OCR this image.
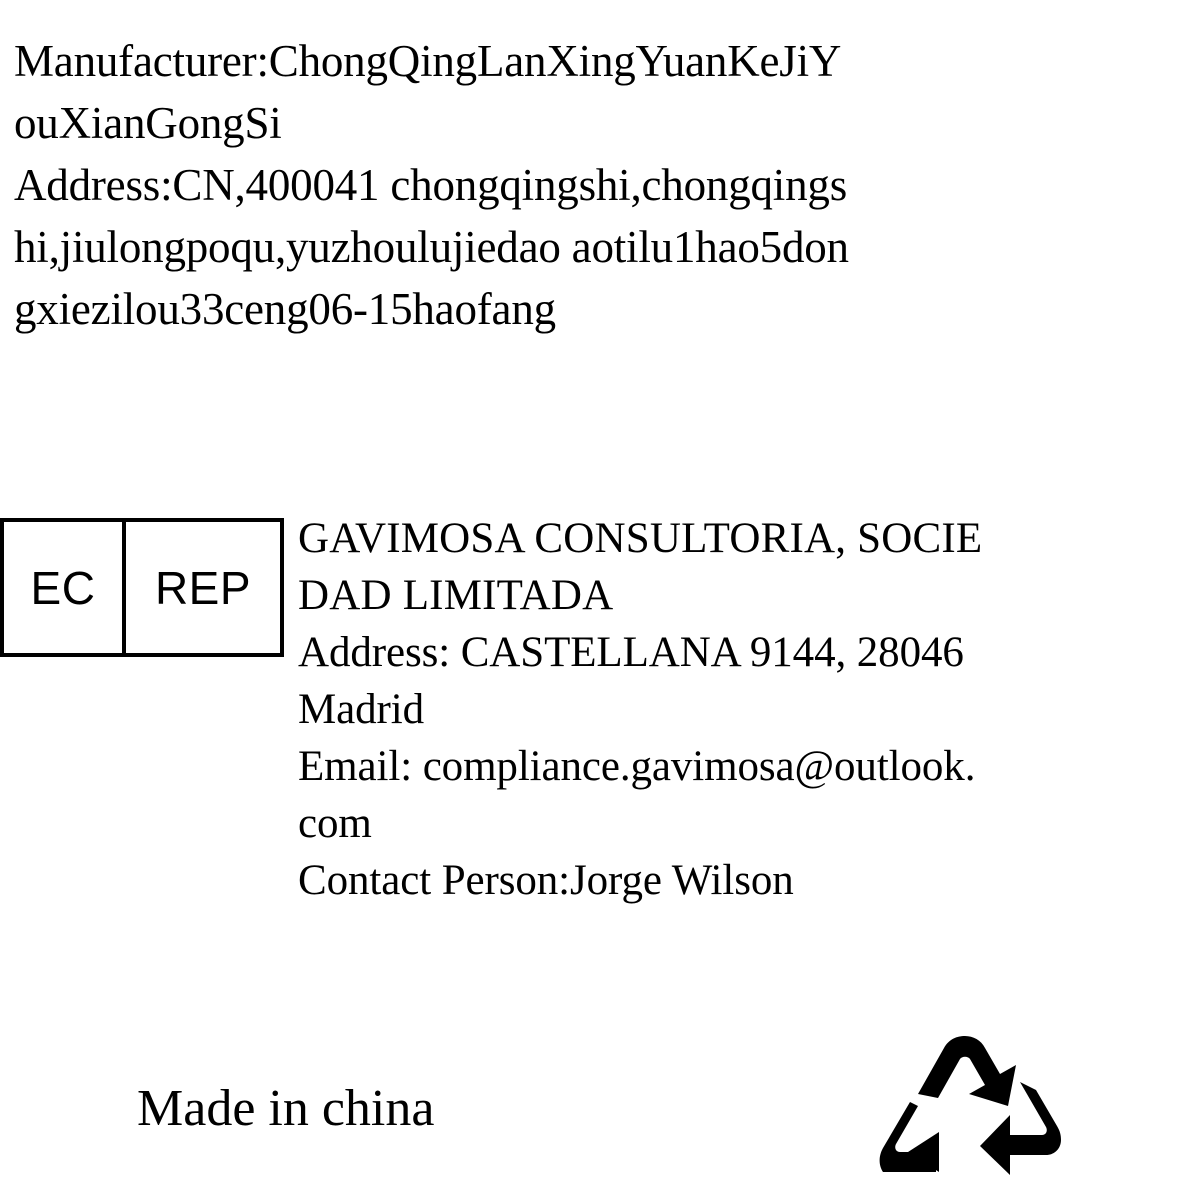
Manufacturer:ChongQingLanXingYuanKeJiY
ouXianGongSi
Address:CN,400041 chongqingshi,chongqings
hi,jiulongpoqu,yuzhoulujiedao aotilu1hao5don
gxiezilou33ceng06-15haofang
EC	REP
GAVIMOSA CONSULTORIA, SOCIE
DAD LIMITADA
Address: CASTELLANA 9144, 28046
Madrid
Email: compliance.gavimosa@outlook.
com
Contact Person:Jorge Wilson
Made in china
